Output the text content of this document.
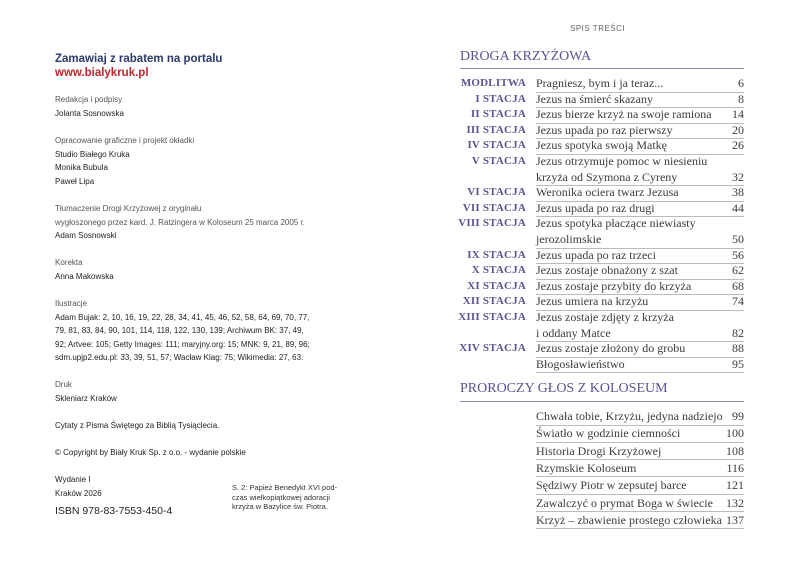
Zamawiaj z rabatem na portalu
www.bialykruk.pl
Redakcja i podpisy
Jolanta Sosnowska
Opracowanie graficzne i projekt okładki
Studio Białego Kruka
Monika Bubula
Paweł Lipa
Tłumaczenie Drogi Krzyżowej z oryginału
wygłoszonego przez kard. J. Ratzingera w Koloseum 25 marca 2005 r.
Adam Sosnowski
Korekta
Anna Makowska
Ilustracje
Adam Bujak: 2, 10, 16, 19, 22, 28, 34, 41, 45, 46, 52, 58, 64, 69, 70, 77,
79, 81, 83, 84, 90, 101, 114, 118, 122, 130, 139; Archiwum BK: 37, 49,
92; Artvee: 105; Getty Images: 111; maryjny.org: 15; MNK: 9, 21, 89, 96;
sdm.upjp2.edu.pl: 33, 39, 51, 57; Wacław Klag: 75; Wikimedia: 27, 63.
Druk
Skleniarz Kraków
Cytaty z Pisma Świętego za Biblią Tysiąclecia.
© Copyright by Biały Kruk Sp. z o.o. - wydanie polskie
Wydanie I
Kraków 2026
S. 2: Papież Benedykt XVI pod-
czas wielkopiątkowej adoracji
krzyża w Bazylice św. Piotra.
ISBN 978-83-7553-450-4
SPIS TREŚCI
DROGA KRZYŻOWA
MODLITWA Pragniesz, bym i ja teraz...	6
I STACJA Jezus na śmierć skazany	8
II STACJA Jezus bierze krzyż na swoje ramiona	14
III STACJA Jezus upada po raz pierwszy	20
IV STACJA Jezus spotyka swoją Matkę	26
V STACJA Jezus otrzymuje pomoc w niesieniu
krzyża od Szymona z Cyreny	32
VI STACJA Weronika ociera twarz Jezusa	38
VII STACJA Jezus upada po raz drugi	44
VIII STACJA Jezus spotyka płaczące niewiasty
jerozolimskie	50
IX STACJA Jezus upada po raz trzeci	56
X STACJA Jezus zostaje obnażony z szat	62
XI STACJA Jezus zostaje przybity do krzyża	68
XII STACJA Jezus umiera na krzyżu	74
XIII STACJA Jezus zostaje zdjęty z krzyża
i oddany Matce	82
XIV STACJA Jezus zostaje złożony do grobu	88
Błogosławieństwo	95
PROROCZY GŁOS Z KOLOSEUM
Chwała tobie, Krzyżu, jedyna nadziejo 99
Światło w godzinie ciemności	100
Historia Drogi Krzyżowej	108
Rzymskie Koloseum	116
Sędziwy Piotr w zepsutej barce	121
Zawalczyć o prymat Boga w świecie	132
Krzyż – zbawienie prostego człowieka 137
